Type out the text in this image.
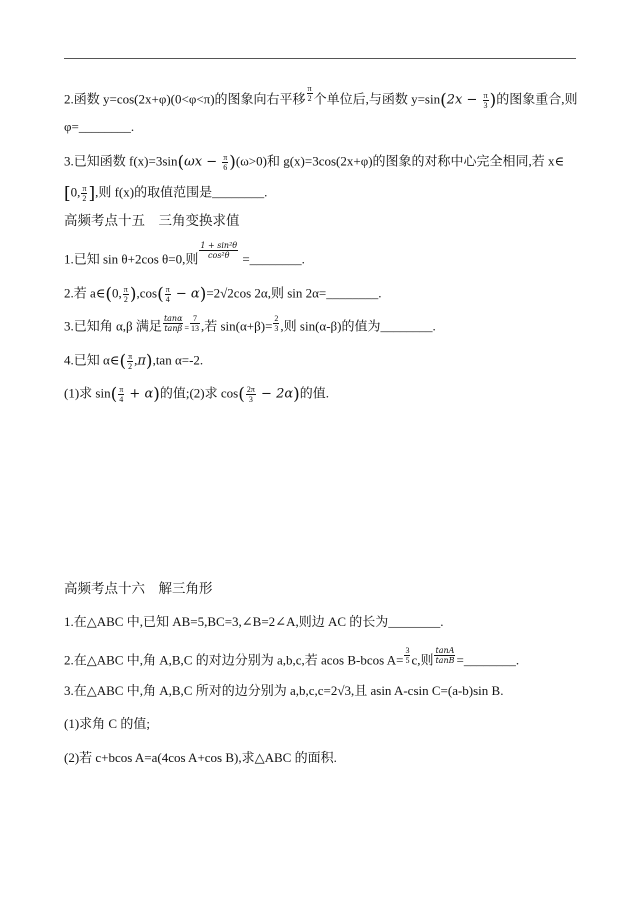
2.函数 y=cos(2x+φ)(0<φ<π)的图象向右平移 $\frac{\pi}{2}$ 个单位后,与函数 $y=\sin(2x - \frac{\pi}{3}$ )的图象重合,则
φ=________.
3.已知函数 $f(x)=3\sin(\omega x - \frac{\pi}{6} )(\omega>0)$和 g(x)=3cos(2x+φ)的图象的对称中心完全相同,若 x∈
[0, $\frac{\pi}{2}$ ],则 f(x)的取值范围是________.
高频考点十五　三角变换求值
1.已知 sin θ+2cos θ=0,则 $\frac{\text{1 + sin²θ}}{\text{cos²θ}}$ =________.
2.若 a∈(0, $\frac{\pi}{2} ),\cos( \frac{\pi}{4} - \alpha)=2√2\cos$ 2α,则 sin 2α=________.
3.已知角 α,β 满足 $\frac{\tan\alpha}{\tan\beta} = \frac{7}{13}$ ,若 $\sin(\alpha+\beta)= \frac{2}{3}$ ,则 sin(α-β)的值为________.
4.已知 α∈( $\frac{\pi}{2} ,\pi),\tan$ α=-2.
(1)求 $\sin( \frac{\pi}{4} + \alpha)$的值;(2)求 $\cos( \frac{2\pi}{3} - 2\alpha)$的值.
高频考点十六　解三角形
1.在△ABC 中,已知 AB=5,BC=3,∠B=2∠A,则边 AC 的长为________.
2.在△ABC 中,角 A,B,C 的对边分别为 a,b,c,若 acos B-bcos $A= \frac{3}{5} c$,则 $\frac{\tan A}{\tan B}$ =________.
3.在△ABC 中,角 A,B,C 所对的边分别为 a,b,c,c=2√3,且 asin A-csin C=(a-b)sin B.
(1)求角 C 的值;
(2)若 c+bcos A=a(4cos A+cos B),求△ABC 的面积.
